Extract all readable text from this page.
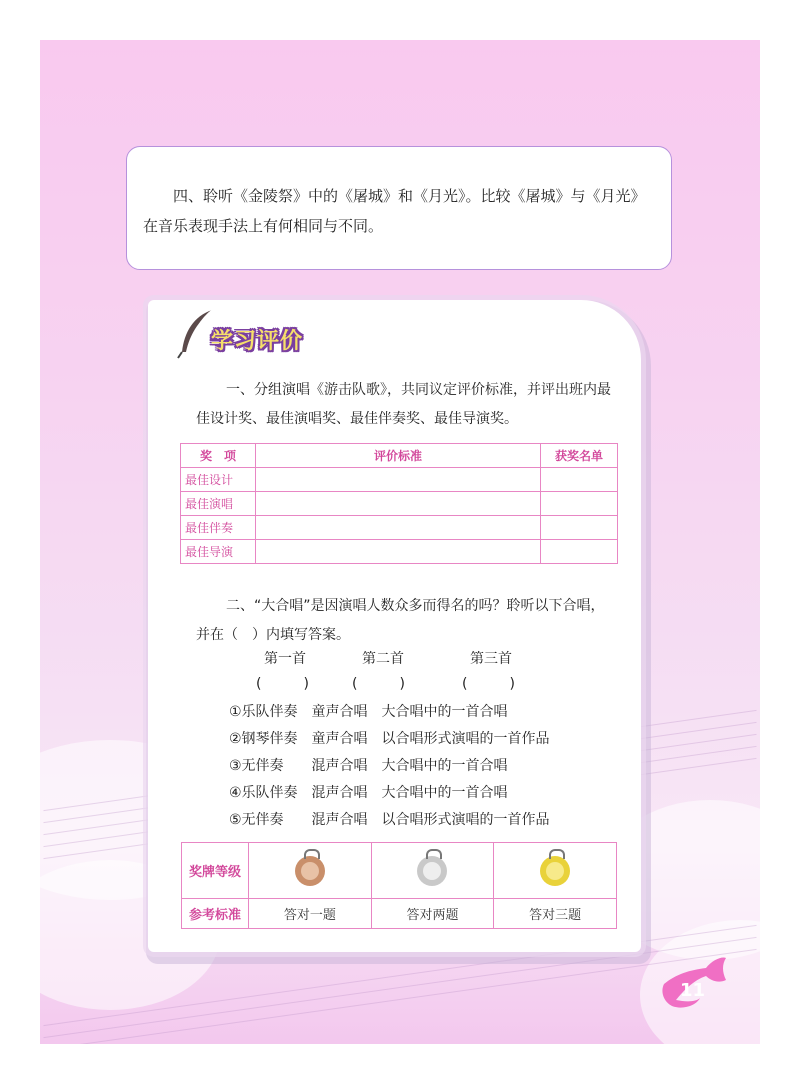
四、聆听《金陵祭》中的《屠城》和《月光》。比较《屠城》与《月光》在音乐表现手法上有何相同与不同。
学习评价
一、分组演唱《游击队歌》，共同议定评价标准，并评出班内最佳设计奖、最佳演唱奖、最佳伴奏奖、最佳导演奖。
奖　项	评价标准	获奖名单
最佳设计		
最佳演唱		
最佳伴奏		
最佳导演		
二、“大合唱”是因演唱人数众多而得名的吗？聆听以下合唱，并在（　）内填写答案。
第一首	第二首	第三首
(　　　)	(　　　)	(　　　)
①乐队伴奏　童声合唱　大合唱中的一首合唱
②钢琴伴奏　童声合唱　以合唱形式演唱的一首作品
③无伴奏　　混声合唱　大合唱中的一首合唱
④乐队伴奏　混声合唱　大合唱中的一首合唱
⑤无伴奏　　混声合唱　以合唱形式演唱的一首作品
奖牌等级	

参考标准	答对一题	答对两题	答对三题
11
